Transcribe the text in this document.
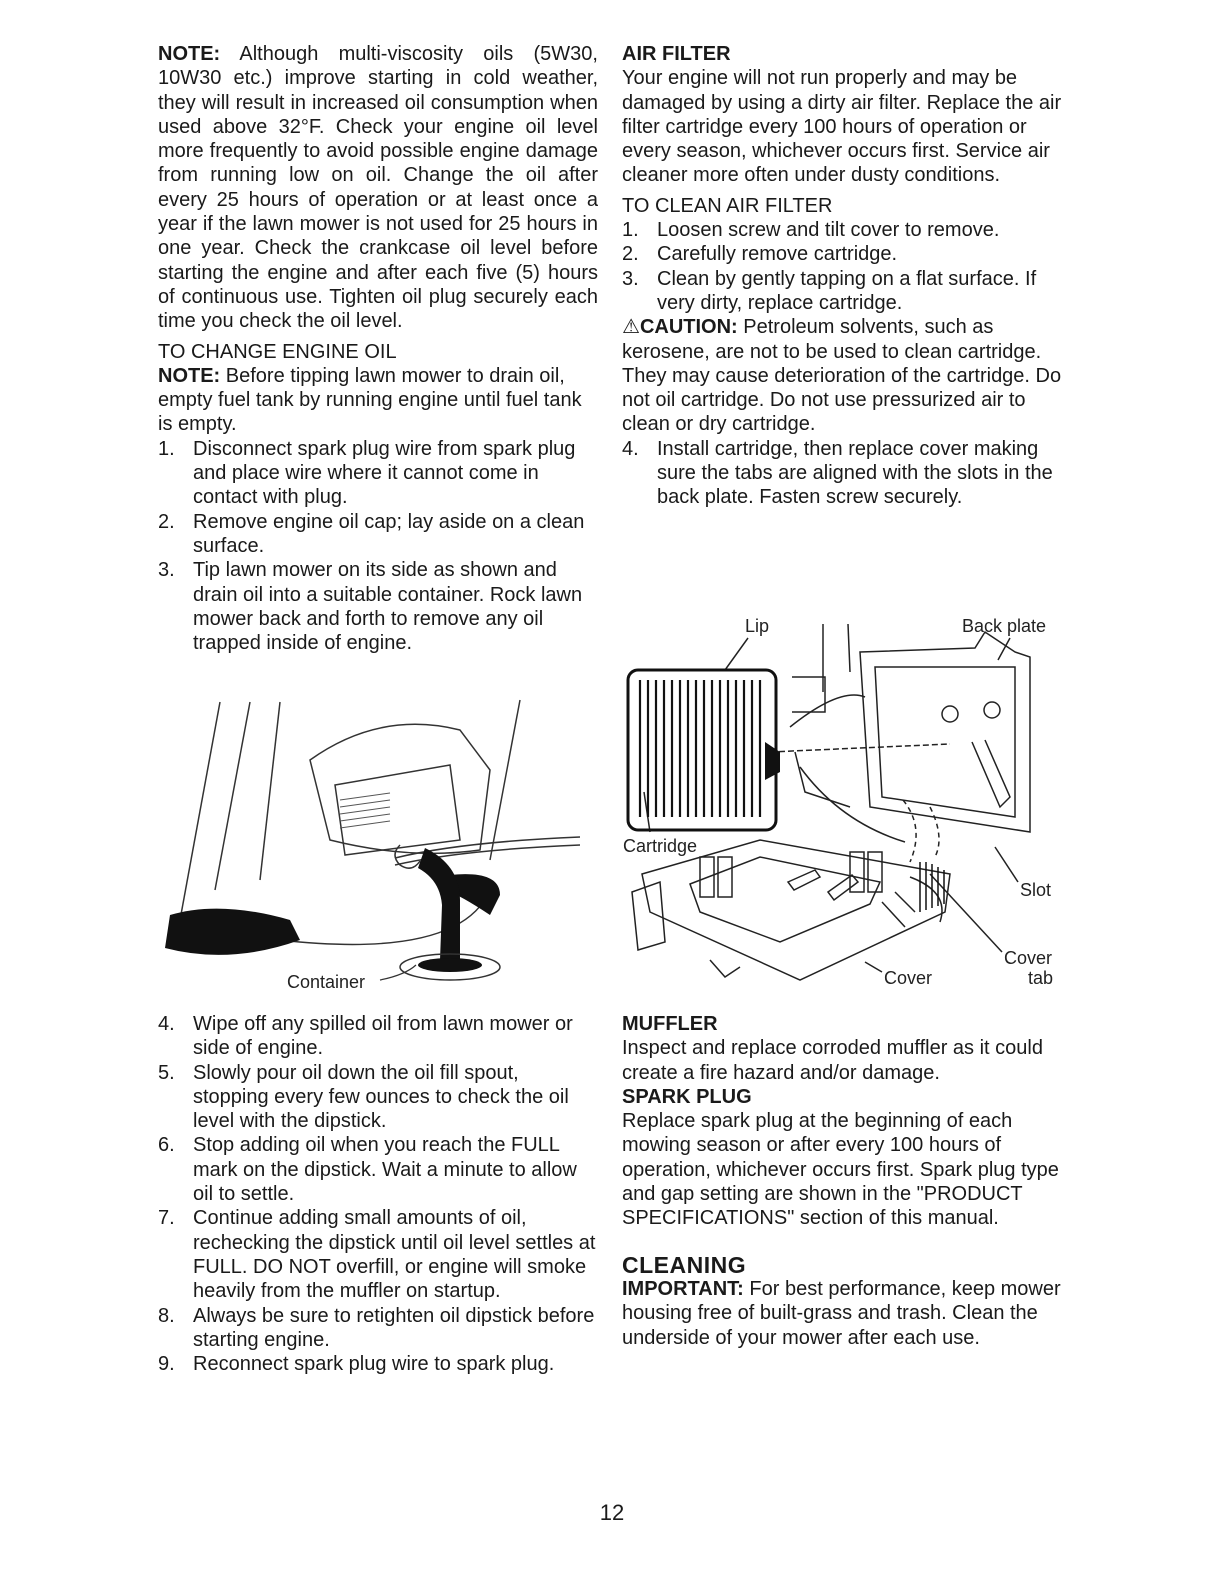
NOTE: Although multi-viscosity oils (5W30, 10W30 etc.) improve starting in cold weather, they will result in increased oil consumption when used above 32°F. Check your engine oil level more frequently to avoid possible engine damage from running low on oil. Change the oil after every 25 hours of operation or at least once a year if the lawn mower is not used for 25 hours in one year. Check the crankcase oil level before starting the engine and after each five (5) hours of continuous use. Tighten oil plug securely each time you check the oil level.

TO CHANGE ENGINE OIL

NOTE: Before tipping lawn mower to drain oil, empty fuel tank by running engine until fuel tank is empty.

1. Disconnect spark plug wire from spark plug and place wire where it cannot come in contact with plug.
2. Remove engine oil cap; lay aside on a clean surface.
3. Tip lawn mower on its side as shown and drain oil into a suitable container. Rock lawn mower back and forth to remove any oil trapped inside of engine.
Container
4. Wipe off any spilled oil from lawn mower or side of engine.
5. Slowly pour oil down the oil fill spout, stopping every few ounces to check the oil level with the dipstick.
6. Stop adding oil when you reach the FULL mark on the dipstick. Wait a minute to allow oil to settle.
7. Continue adding small amounts of oil, rechecking the dipstick until oil level settles at FULL. DO NOT overfill, or engine will smoke heavily from the muffler on startup.
8. Always be sure to retighten oil dipstick before starting engine.
9. Reconnect spark plug wire to spark plug.

AIR FILTER

Your engine will not run properly and may be damaged by using a dirty air filter. Replace the air filter cartridge every 100 hours of operation or every season, whichever occurs first. Service air cleaner more often under dusty conditions.

TO CLEAN AIR FILTER

1. Loosen screw and tilt cover to remove.
2. Carefully remove cartridge.
3. Clean by gently tapping on a flat surface. If very dirty, replace cartridge.

⚠CAUTION: Petroleum solvents, such as kerosene, are not to be used to clean cartridge. They may cause deterioration of the cartridge. Do not oil cartridge. Do not use pressurized air to clean or dry cartridge.

4. Install cartridge, then replace cover making sure the tabs are aligned with the slots in the back plate. Fasten screw securely.
Lip	Back plate
Cartridge
Slot
Cover
Cover
tab

MUFFLER

Inspect and replace corroded muffler as it could create a fire hazard and/or damage.

SPARK PLUG

Replace spark plug at the beginning of each mowing season or after every 100 hours of operation, whichever occurs first. Spark plug type and gap setting are shown in the "PRODUCT SPECIFICATIONS" section of this manual.

CLEANING

IMPORTANT: For best performance, keep mower housing free of built-grass and trash. Clean the underside of your mower after each use.

12
